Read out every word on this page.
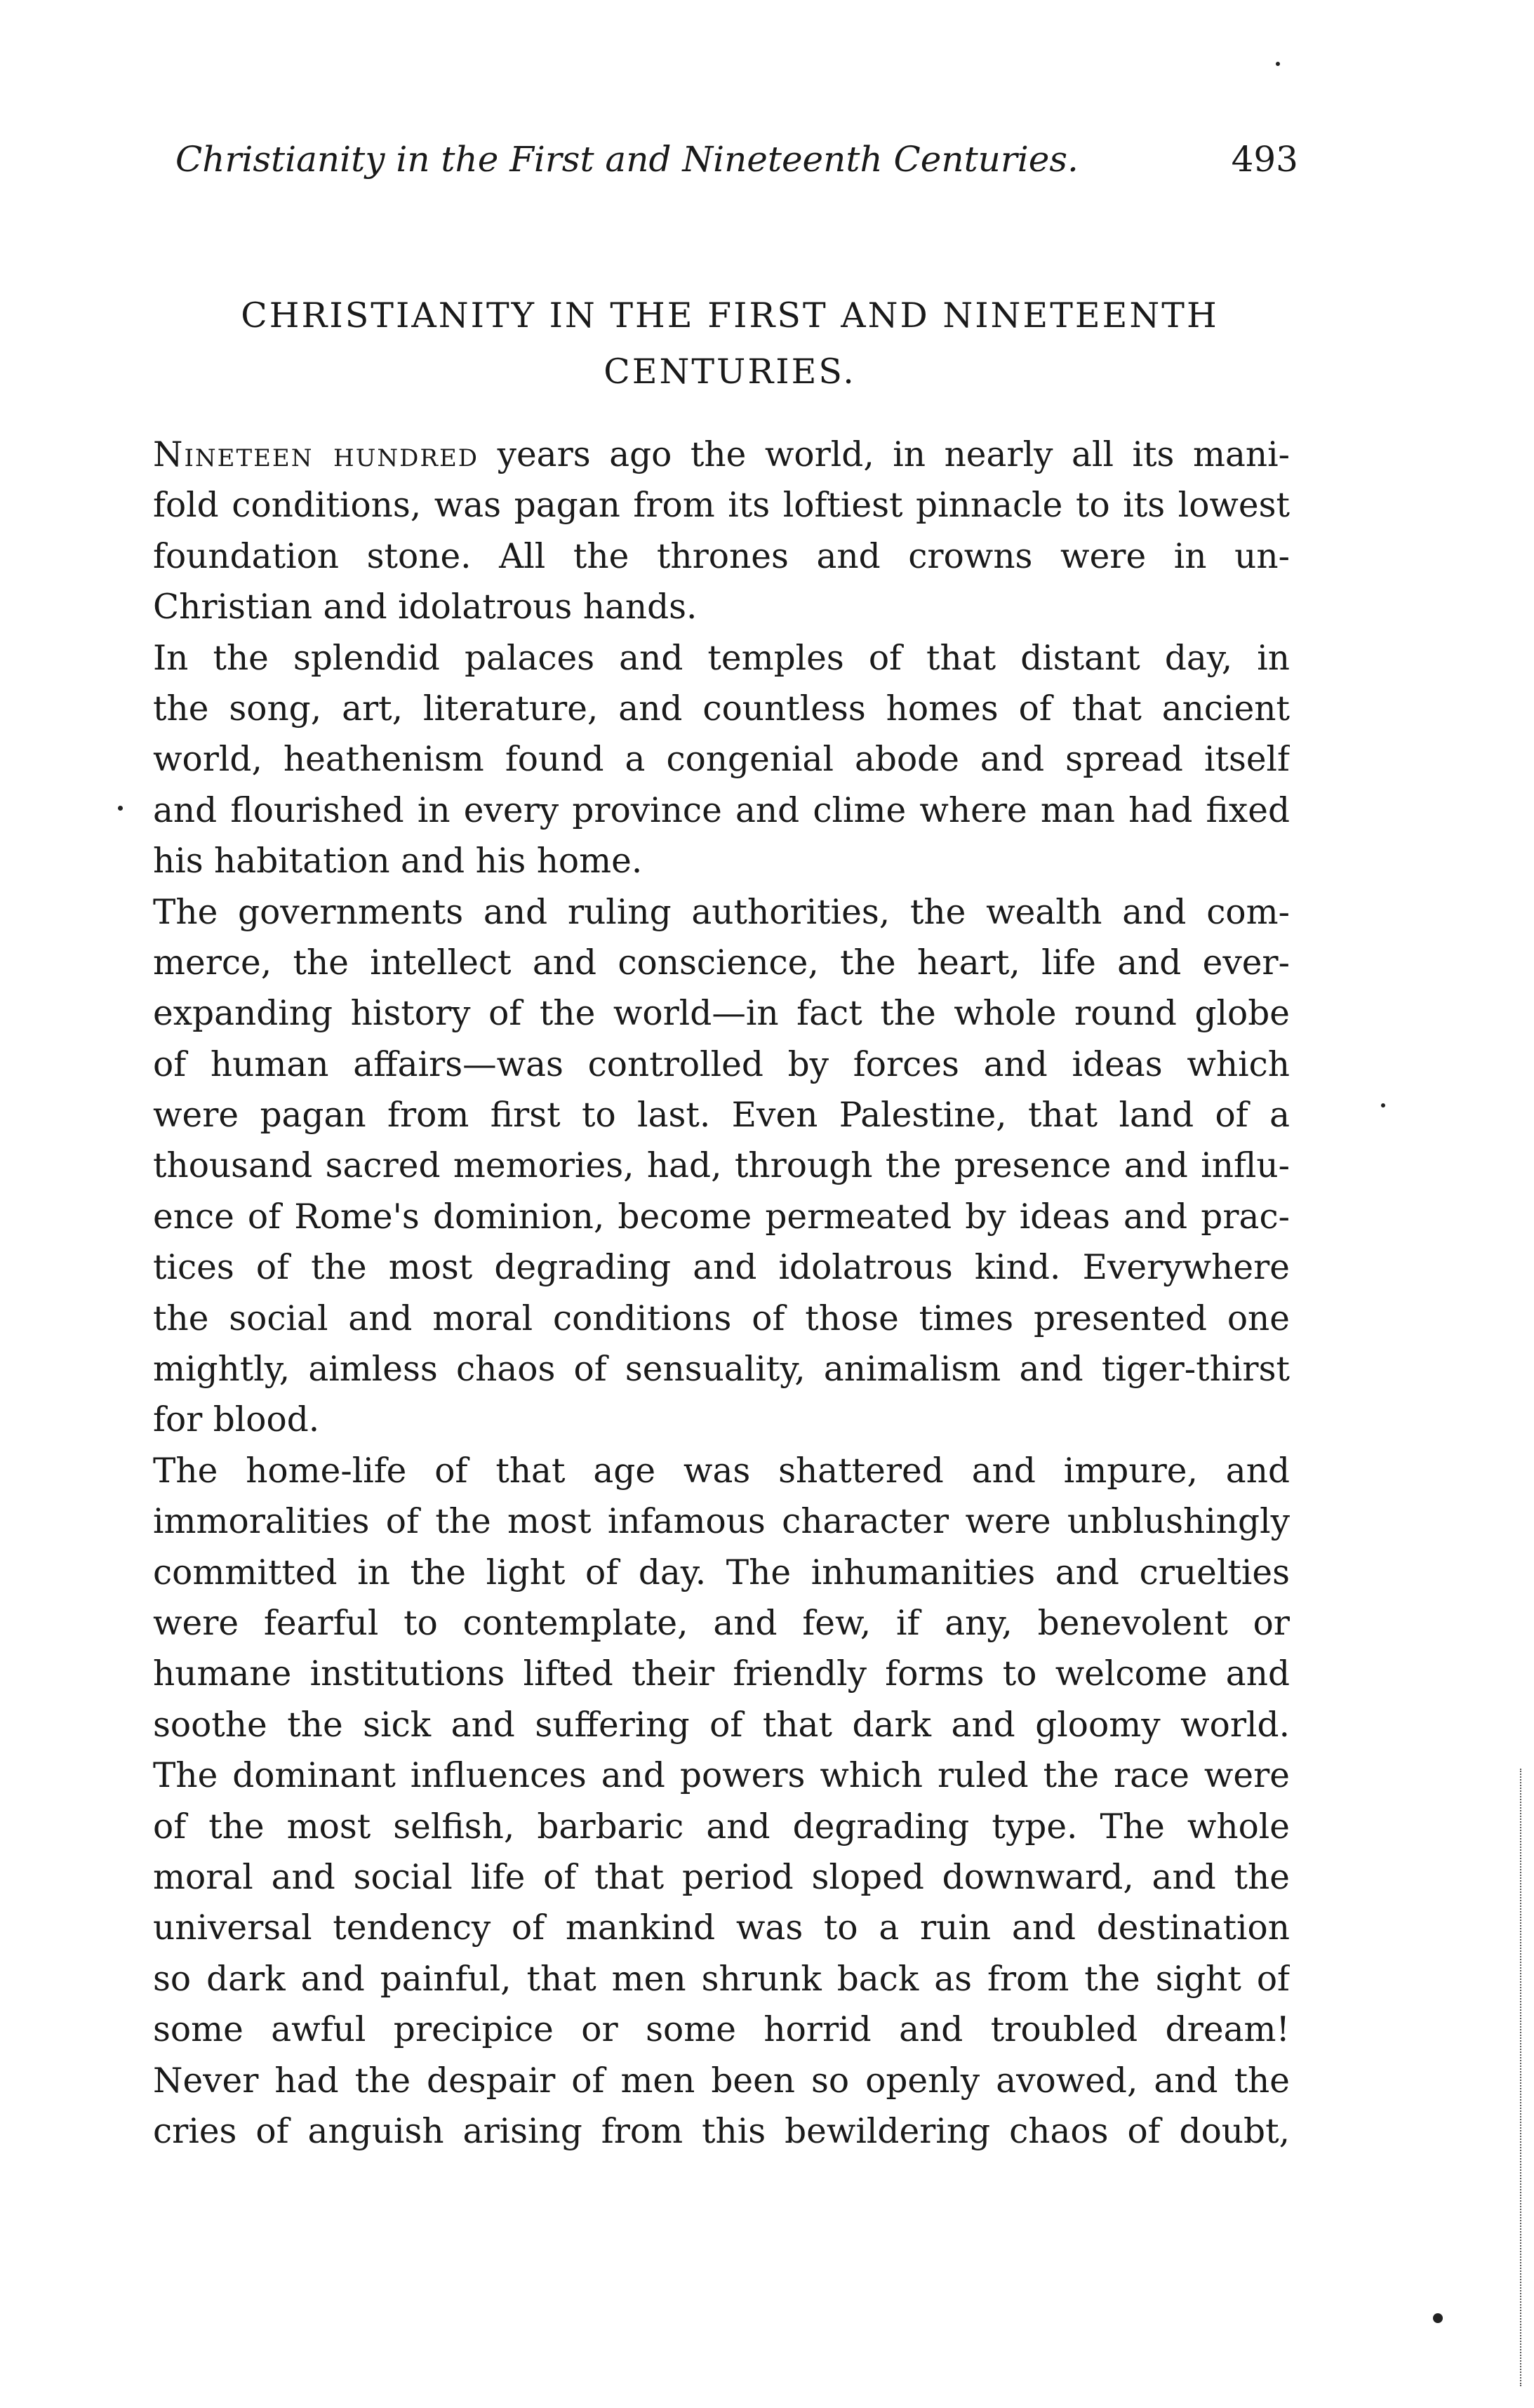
Christianity in the First and Nineteenth Centuries.	493
CHRISTIANITY IN THE FIRST AND NINETEENTH
CENTURIES.
Nineteen hundred years ago the world, in nearly all its mani-
fold conditions, was pagan from its loftiest pinnacle to its lowest
foundation stone. All the thrones and crowns were in un-
Christian and idolatrous hands.
In the splendid palaces and temples of that distant day, in
the song, art, literature, and countless homes of that ancient
world, heathenism found a congenial abode and spread itself
and flourished in every province and clime where man had fixed
his habitation and his home.
The governments and ruling authorities, the wealth and com-
merce, the intellect and conscience, the heart, life and ever-
expanding history of the world—in fact the whole round globe
of human affairs—was controlled by forces and ideas which
were pagan from first to last. Even Palestine, that land of a
thousand sacred memories, had, through the presence and influ-
ence of Rome's dominion, become permeated by ideas and prac-
tices of the most degrading and idolatrous kind. Everywhere
the social and moral conditions of those times presented one
mightly, aimless chaos of sensuality, animalism and tiger-thirst
for blood.
The home-life of that age was shattered and impure, and
immoralities of the most infamous character were unblushingly
committed in the light of day. The inhumanities and cruelties
were fearful to contemplate, and few, if any, benevolent or
humane institutions lifted their friendly forms to welcome and
soothe the sick and suffering of that dark and gloomy world.
The dominant influences and powers which ruled the race were
of the most selfish, barbaric and degrading type. The whole
moral and social life of that period sloped downward, and the
universal tendency of mankind was to a ruin and destination
so dark and painful, that men shrunk back as from the sight of
some awful precipice or some horrid and troubled dream!
Never had the despair of men been so openly avowed, and the
cries of anguish arising from this bewildering chaos of doubt,
